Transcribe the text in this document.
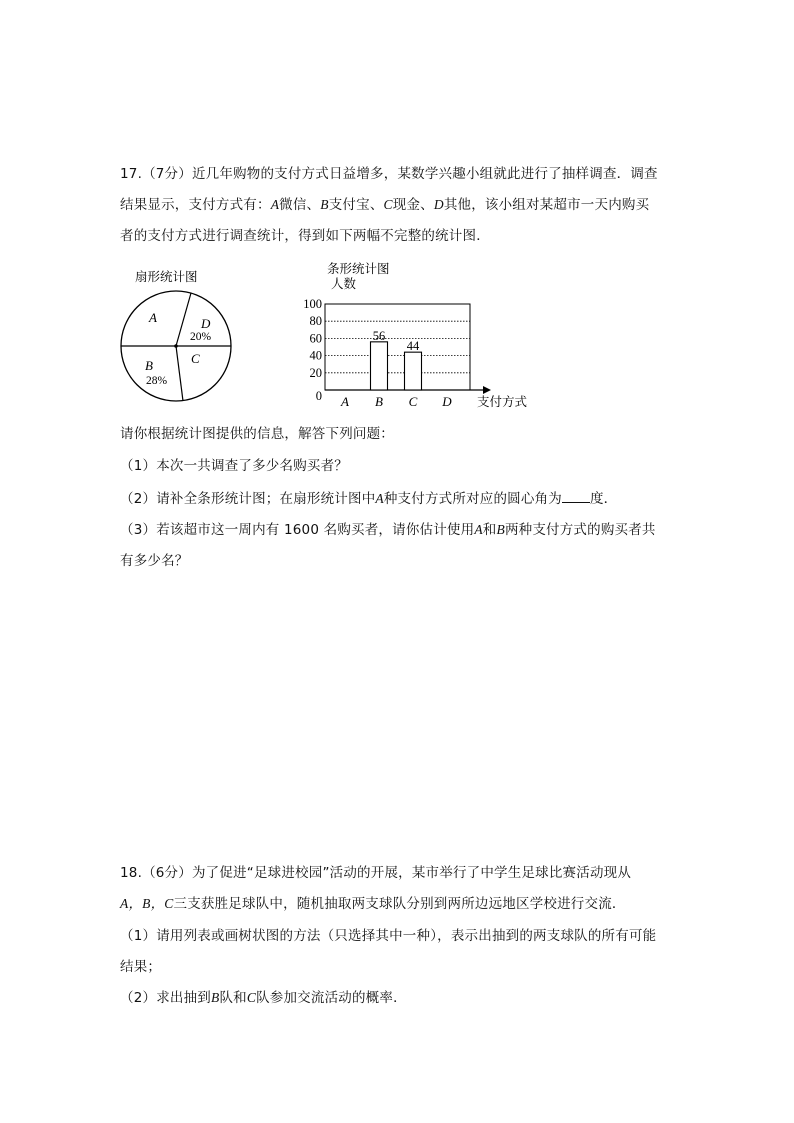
17.（7分）近几年购物的支付方式日益增多，某数学兴趣小组就此进行了抽样调查．调查
结果显示，支付方式有：A微信、B支付宝、C现金、D其他，该小组对某超市一天内购买
者的支付方式进行调查统计，得到如下两幅不完整的统计图．
扇形统计图
A	D
20%
C
B
28%
条形统计图
人数
0
20
40
60
80
100
56
44
A B C D 支付方式
请你根据统计图提供的信息，解答下列问题：
（1）本次一共调查了多少名购买者？
（2）请补全条形统计图；在扇形统计图中A种支付方式所对应的圆心角为 度．
（3）若该超市这一周内有 1600 名购买者，请你估计使用A和B两种支付方式的购买者共
有多少名？
18.（6分）为了促进“足球进校园”活动的开展，某市举行了中学生足球比赛活动现从
A，B，C三支获胜足球队中，随机抽取两支球队分别到两所边远地区学校进行交流．
（1）请用列表或画树状图的方法（只选择其中一种），表示出抽到的两支球队的所有可能
结果；
（2）求出抽到B队和C队参加交流活动的概率．
